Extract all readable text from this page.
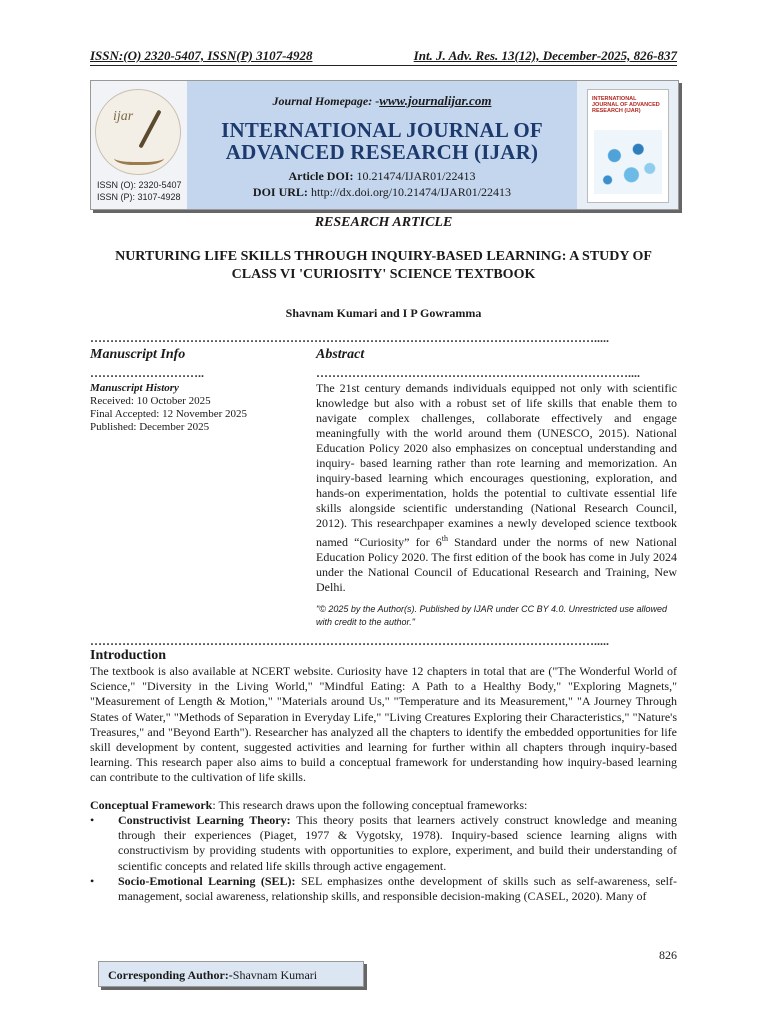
ISSN:(O) 2320-5407, ISSN(P) 3107-4928	Int. J. Adv. Res. 13(12), December-2025, 826-837
ijar
ISSN (O): 2320-5407
ISSN (P): 3107-4928
Journal Homepage: -www.journalijar.com
INTERNATIONAL JOURNAL OF
ADVANCED RESEARCH (IJAR)
Article DOI: 10.21474/IJAR01/22413
DOI URL: http://dx.doi.org/10.21474/IJAR01/22413
INTERNATIONAL JOURNAL OF ADVANCED RESEARCH (IJAR)
RESEARCH ARTICLE
NURTURING LIFE SKILLS THROUGH INQUIRY-BASED LEARNING: A STUDY OF
CLASS VI 'CURIOSITY' SCIENCE TEXTBOOK
Shavnam Kumari and I P Gowramma
……………………………………………………………………………………………………………….....
Manuscript Info	Abstract
………………………..	……………………………………………………………………....
Manuscript History
Received: 10 October 2025
Final Accepted: 12 November 2025
Published: December 2025
The 21st century demands individuals equipped not only with scientific knowledge but also with a robust set of life skills that enable them to navigate complex challenges, collaborate effectively and engage meaningfully with the world around them (UNESCO, 2015). National Education Policy 2020 also emphasizes on conceptual understanding and inquiry- based learning rather than rote learning and memorization. An inquiry-based learning which encourages questioning, exploration, and hands-on experimentation, holds the potential to cultivate essential life skills alongside scientific understanding (National Research Council, 2012). This researchpaper examines a newly developed science textbook named “Curiosity” for 6th Standard under the norms of new National Education Policy 2020. The first edition of the book has come in July 2024 under the National Council of Educational Research and Training, New Delhi.
"© 2025 by the Author(s). Published by IJAR under CC BY 4.0. Unrestricted use allowed with credit to the author."
……………………………………………………………………………………………………………….....
Introduction
The textbook is also available at NCERT website. Curiosity have 12 chapters in total that are ("The Wonderful World of Science," "Diversity in the Living World," "Mindful Eating: A Path to a Healthy Body," "Exploring Magnets," "Measurement of Length & Motion," "Materials around Us," "Temperature and its Measurement," "A Journey Through States of Water," "Methods of Separation in Everyday Life," "Living Creatures Exploring their Characteristics," "Nature's Treasures," and "Beyond Earth"). Researcher has analyzed all the chapters to identify the embedded opportunities for life skill development by content, suggested activities and learning for further within all chapters through inquiry-based learning. This research paper also aims to build a conceptual framework for understanding how inquiry-based learning can contribute to the cultivation of life skills.
Conceptual Framework: This research draws upon the following conceptual frameworks:
• Constructivist Learning Theory: This theory posits that learners actively construct knowledge and meaning through their experiences (Piaget, 1977 & Vygotsky, 1978). Inquiry-based science learning aligns with constructivism by providing students with opportunities to explore, experiment, and build their understanding of scientific concepts and related life skills through active engagement.
• Socio-Emotional Learning (SEL): SEL emphasizes onthe development of skills such as self-awareness, self-management, social awareness, relationship skills, and responsible decision-making (CASEL, 2020). Many of
826
Corresponding Author:-Shavnam Kumari
